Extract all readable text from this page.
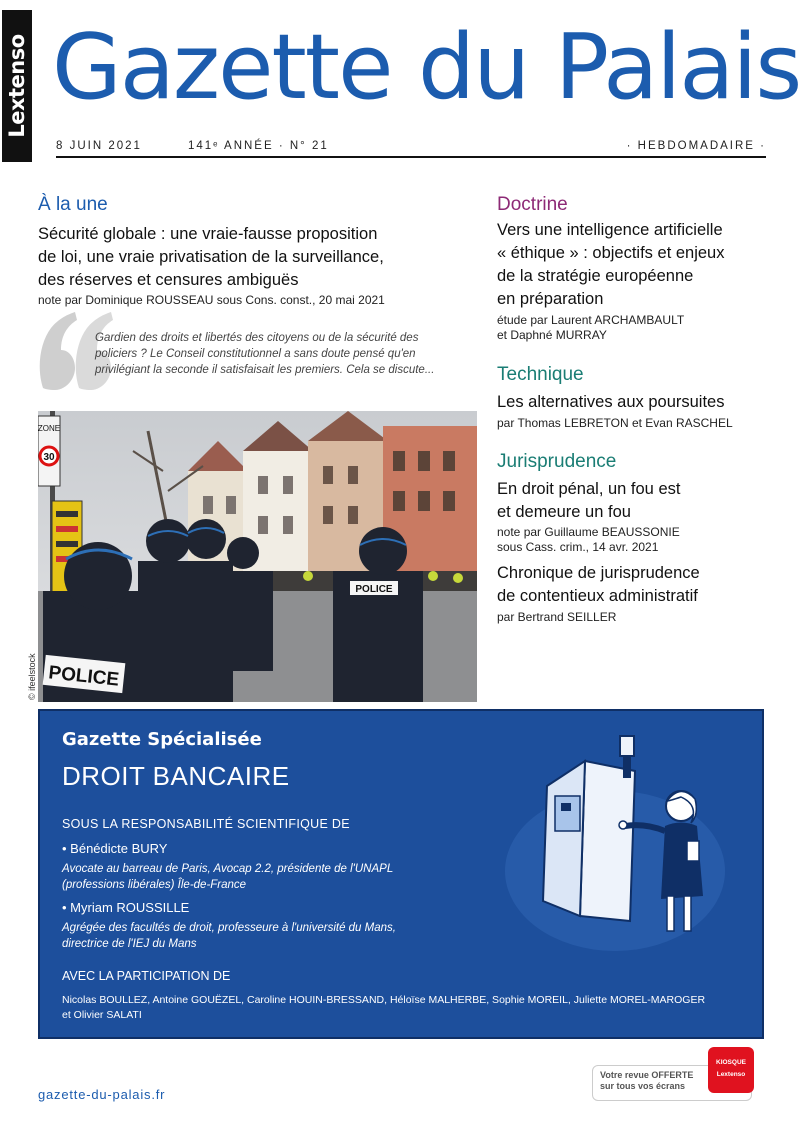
Lextenso Gazette du Palais
8 JUIN 2021	141ᵉ ANNÉE · N° 21	· HEBDOMADAIRE ·
À la une
Sécurité globale : une vraie-fausse proposition
de loi, une vraie privatisation de la surveillance,
des réserves et censures ambiguës
note par Dominique ROUSSEAU sous Cons. const., 20 mai 2021
Gardien des droits et libertés des citoyens ou de la sécurité des
policiers ? Le Conseil constitutionnel a sans doute pensé qu'en
privilégiant la seconde il satisfaisait les premiers. Cela se discute...
ZONE
30
POLICE
POLICE
© ifeelstock
Doctrine
Vers une intelligence artificielle
« éthique » : objectifs et enjeux
de la stratégie européenne
en préparation
étude par Laurent ARCHAMBAULT
et Daphné MURRAY
Technique
Les alternatives aux poursuites
par Thomas LEBRETON et Evan RASCHEL
Jurisprudence
En droit pénal, un fou est
et demeure un fou
note par Guillaume BEAUSSONIE
sous Cass. crim., 14 avr. 2021
Chronique de jurisprudence
de contentieux administratif
par Bertrand SEILLER
Gazette Spécialisée
DROIT BANCAIRE
SOUS LA RESPONSABILITÉ SCIENTIFIQUE DE
• Bénédicte BURY
Avocate au barreau de Paris, Avocap 2.2, présidente de l'UNAPL
(professions libérales) Île-de-France
• Myriam ROUSSILLE
Agrégée des facultés de droit, professeure à l'université du Mans,
directrice de l'IEJ du Mans
AVEC LA PARTICIPATION DE
Nicolas BOULLEZ, Antoine GOUËZEL, Caroline HOUIN-BRESSAND, Héloïse MALHERBE, Sophie MOREIL, Juliette MOREL-MAROGER
et Olivier SALATI
gazette-du-palais.fr
Votre revue OFFERTE
sur tous vos écrans
KIOSQUE
Lextenso
